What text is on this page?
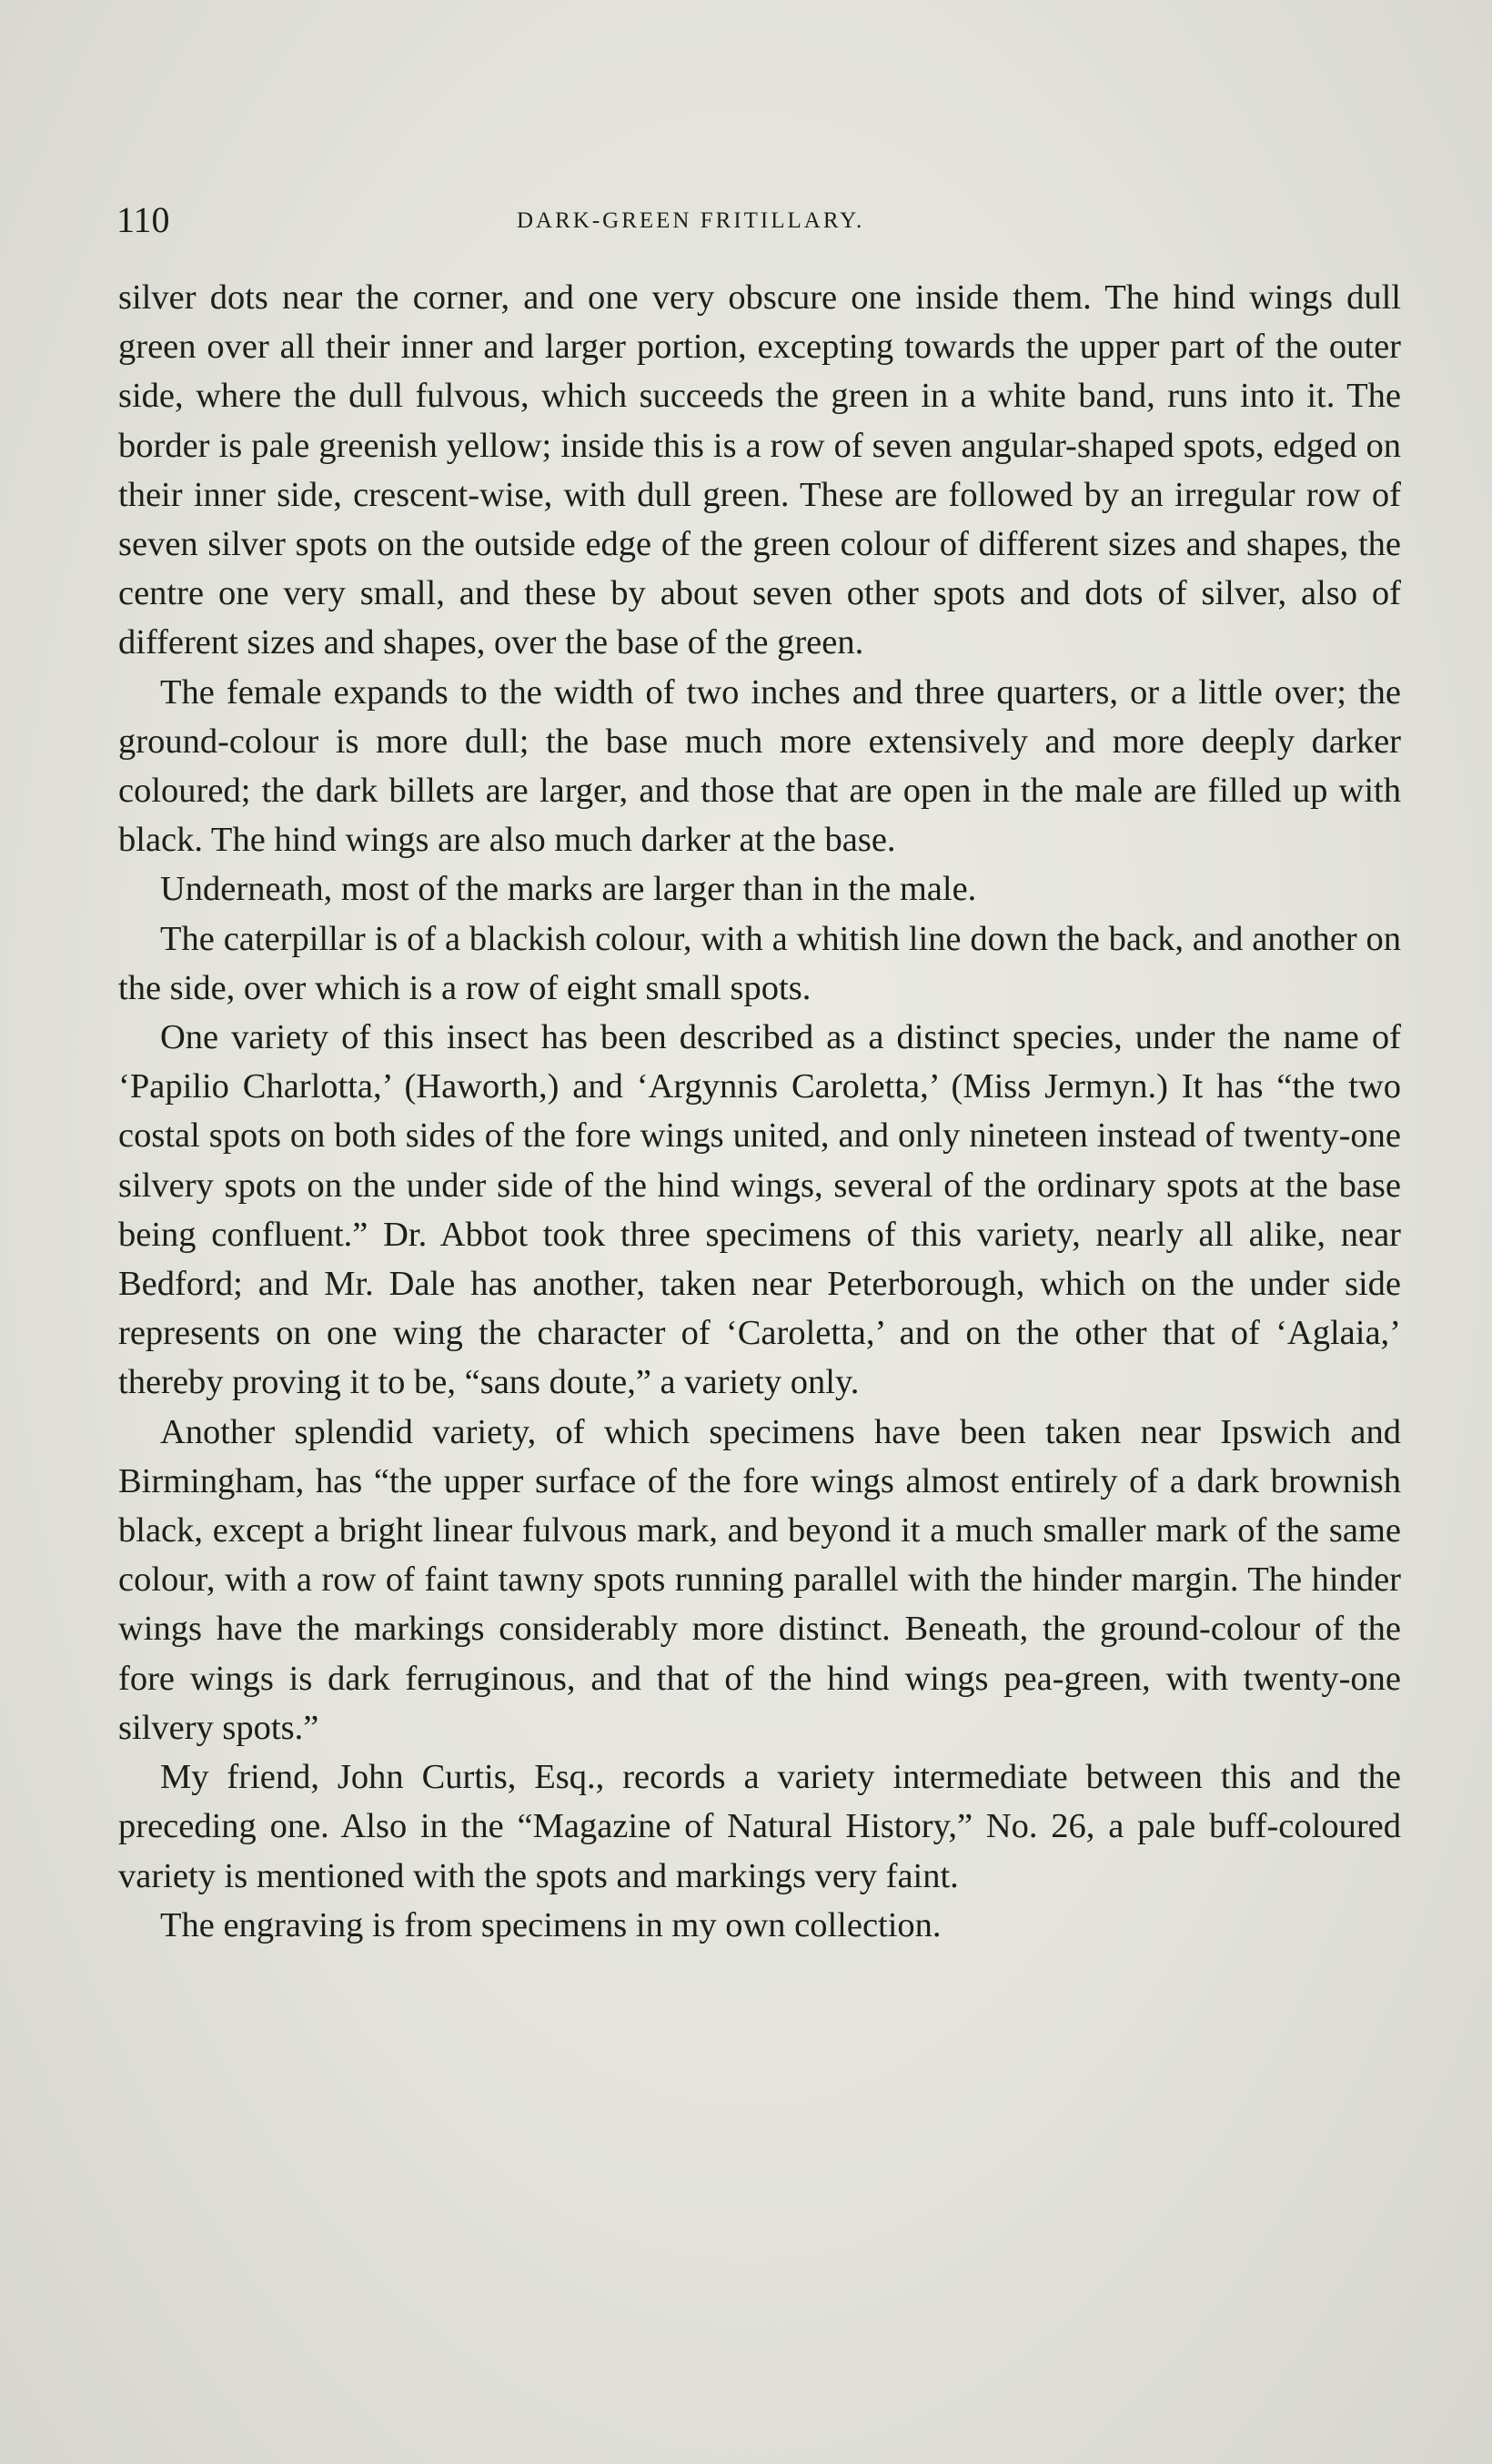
110	DARK-GREEN FRITILLARY.

silver dots near the corner, and one very obscure one inside them. The hind wings dull green over all their inner and larger portion, excepting towards the upper part of the outer side, where the dull fulvous, which succeeds the green in a white band, runs into it. The border is pale greenish yellow; inside this is a row of seven angular-shaped spots, edged on their inner side, crescent-wise, with dull green. These are followed by an irregular row of seven silver spots on the outside edge of the green colour of different sizes and shapes, the centre one very small, and these by about seven other spots and dots of silver, also of different sizes and shapes, over the base of the green.

The female expands to the width of two inches and three quarters, or a little over; the ground-colour is more dull; the base much more extensively and more deeply darker coloured; the dark billets are larger, and those that are open in the male are filled up with black. The hind wings are also much darker at the base.

Underneath, most of the marks are larger than in the male.

The caterpillar is of a blackish colour, with a whitish line down the back, and another on the side, over which is a row of eight small spots.

One variety of this insect has been described as a distinct species, under the name of ‘Papilio Charlotta,’ (Haworth,) and ‘Argynnis Caroletta,’ (Miss Jermyn.) It has “the two costal spots on both sides of the fore wings united, and only nineteen instead of twenty-one silvery spots on the under side of the hind wings, several of the ordinary spots at the base being confluent.” Dr. Abbot took three specimens of this variety, nearly all alike, near Bedford; and Mr. Dale has another, taken near Peterborough, which on the under side represents on one wing the character of ‘Caroletta,’ and on the other that of ‘Aglaia,’ thereby proving it to be, “sans doute,” a variety only.

Another splendid variety, of which specimens have been taken near Ipswich and Birmingham, has “the upper surface of the fore wings almost entirely of a dark brownish black, except a bright linear fulvous mark, and beyond it a much smaller mark of the same colour, with a row of faint tawny spots running parallel with the hinder margin. The hinder wings have the markings considerably more distinct. Beneath, the ground-colour of the fore wings is dark ferruginous, and that of the hind wings pea-green, with twenty-one silvery spots.”

My friend, John Curtis, Esq., records a variety intermediate between this and the preceding one. Also in the “Magazine of Natural History,” No. 26, a pale buff-coloured variety is mentioned with the spots and markings very faint.

The engraving is from specimens in my own collection.
